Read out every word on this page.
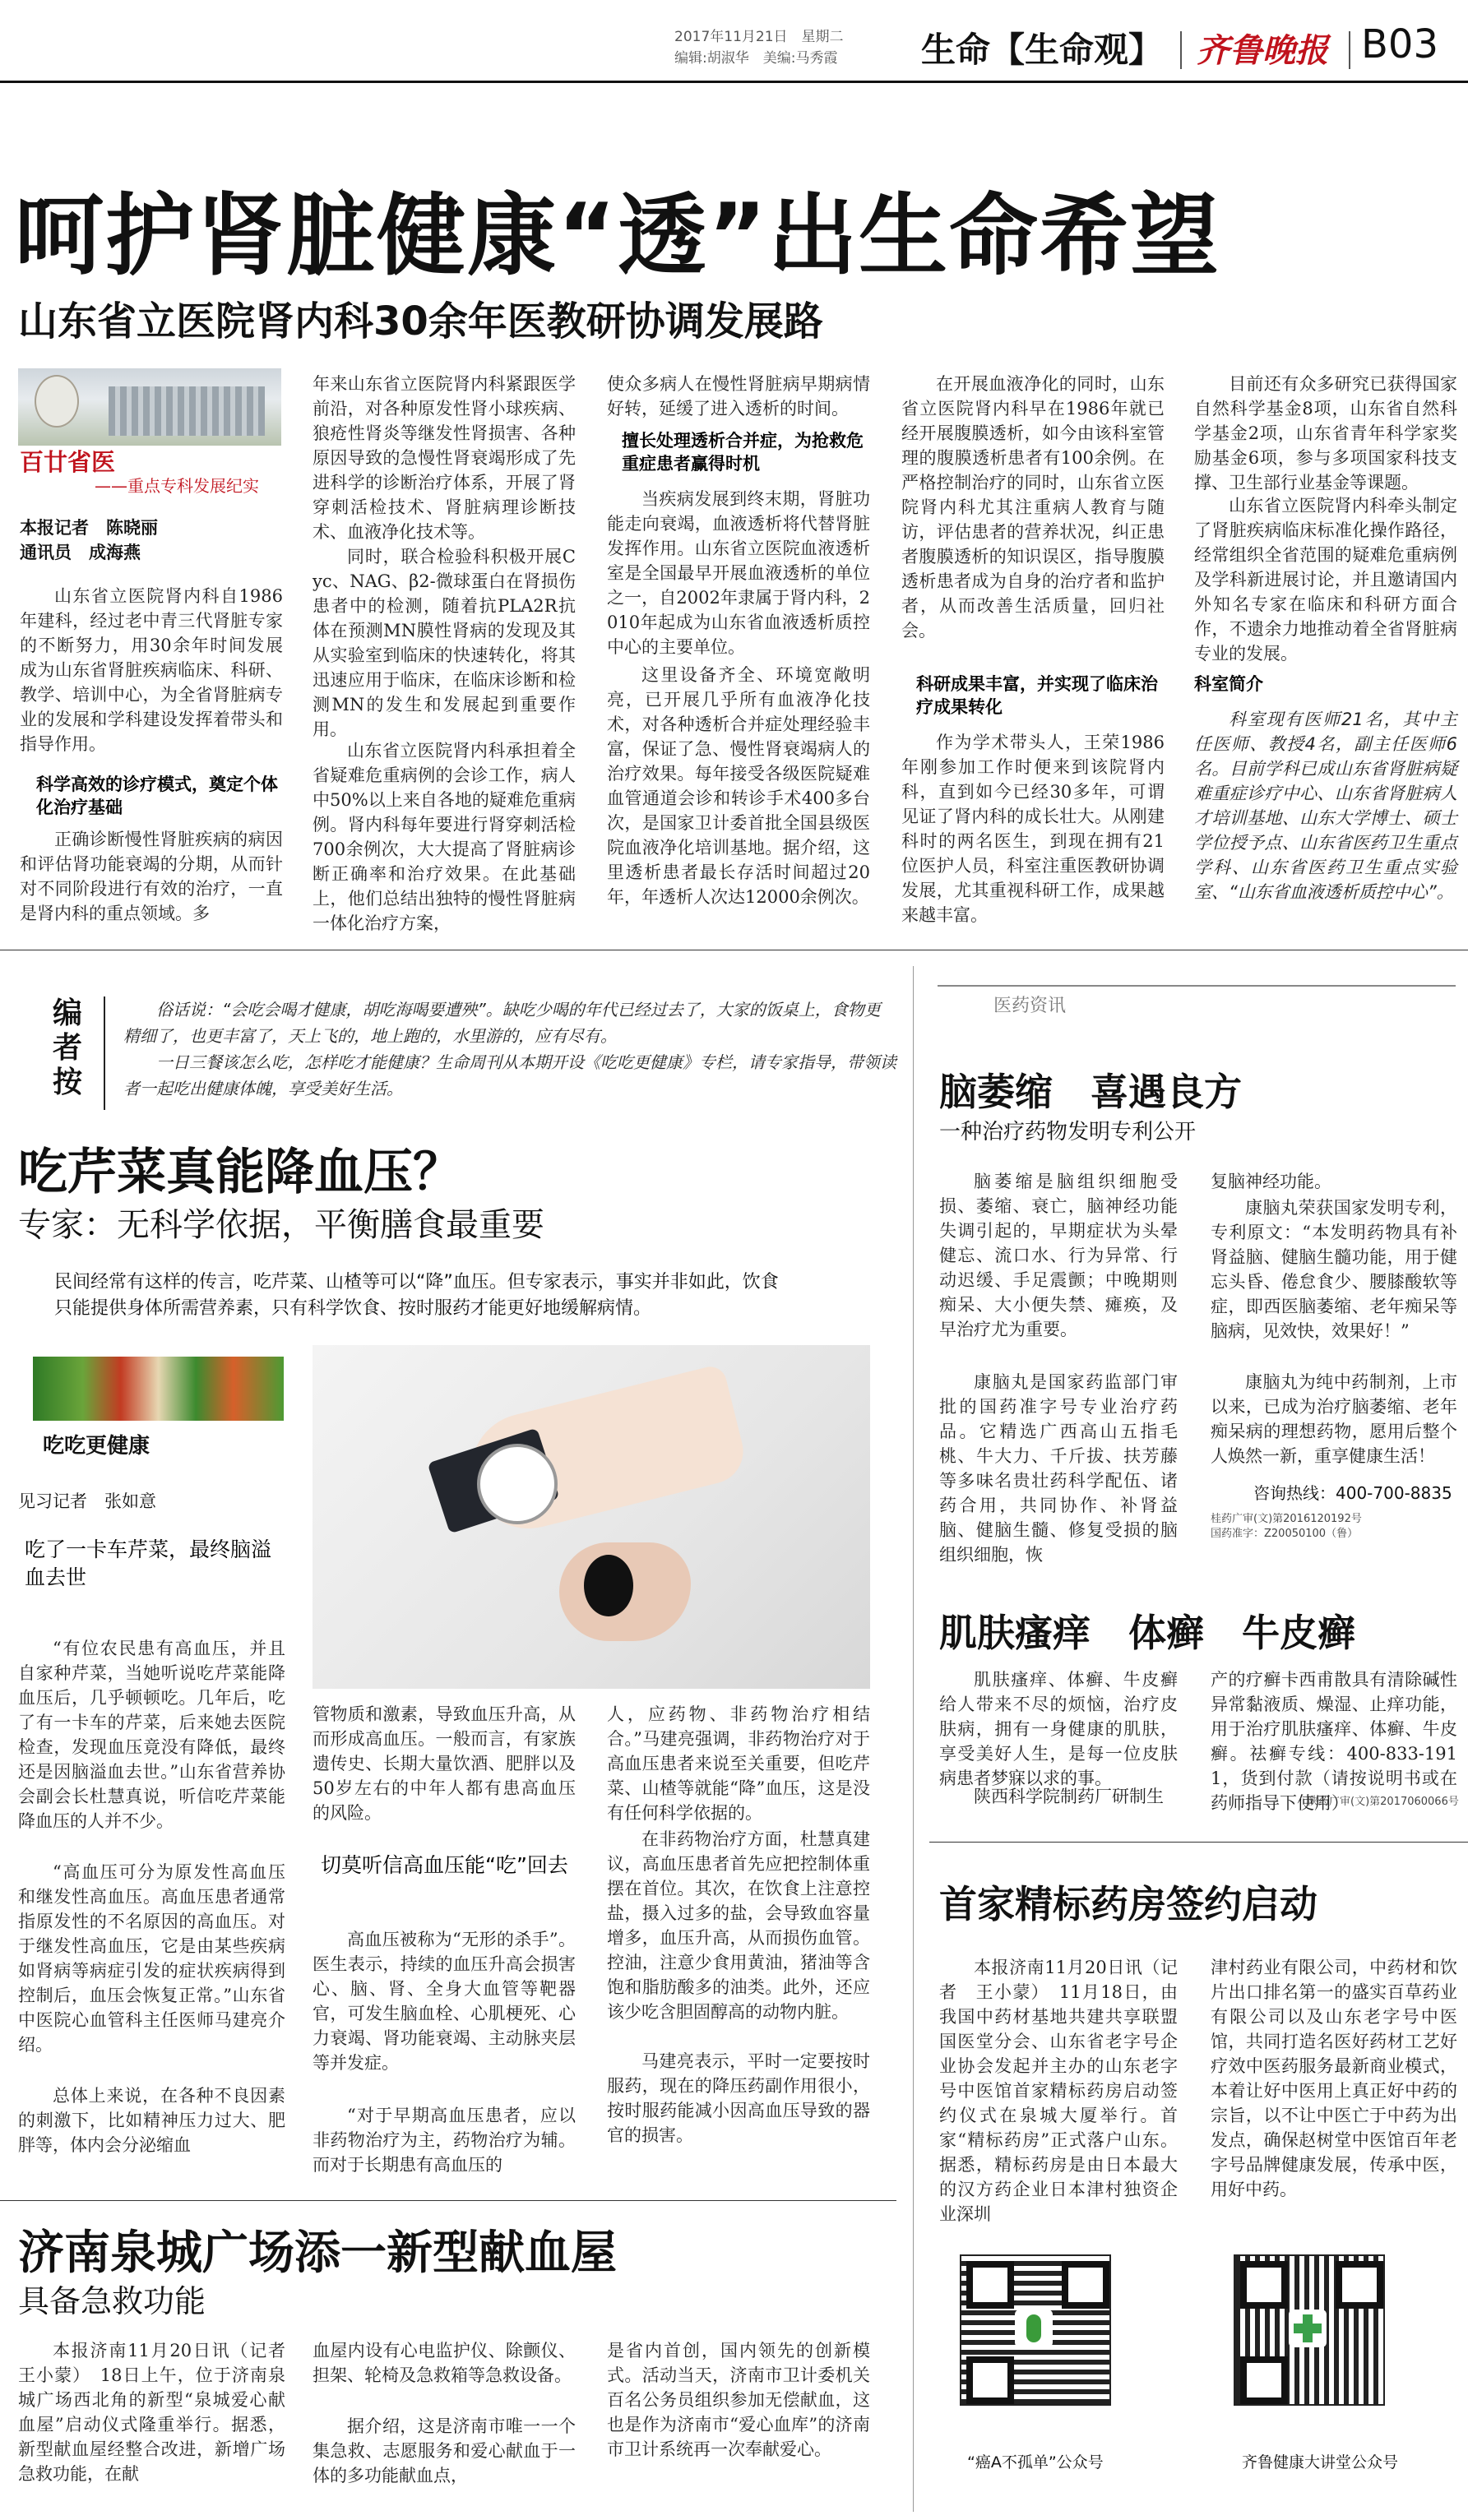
2017年11月21日　 星期二
编辑:胡淑华　 美编:马秀霞 生命【生命观】 齐鲁晚报 B03
呵护肾脏健康“透”出生命希望
山东省立医院肾内科30余年医教研协调发展路
百廿省医
——重点专科发展纪实
本报记者　陈晓丽
通讯员　成海燕

山东省立医院肾内科自1986年建科，经过老中青三代肾脏专家的不断努力，用30余年时间发展成为山东省肾脏疾病临床、科研、教学、培训中心，为全省肾脏病专业的发展和学科建设发挥着带头和指导作用。

科学高效的诊疗模式，奠定个体化治疗基础

正确诊断慢性肾脏疾病的病因和评估肾功能衰竭的分期，从而针对不同阶段进行有效的治疗，一直是肾内科的重点领域。多

年来山东省立医院肾内科紧跟医学前沿，对各种原发性肾小球疾病、狼疮性肾炎等继发性肾损害、各种原因导致的急慢性肾衰竭形成了先进科学的诊断治疗体系，开展了肾穿刺活检技术、肾脏病理诊断技术、血液净化技术等。

同时，联合检验科积极开展Cyc、NAG、β2-微球蛋白在肾损伤患者中的检测，随着抗PLA2R抗体在预测MN膜性肾病的发现及其从实验室到临床的快速转化，将其迅速应用于临床，在临床诊断和检测MN的发生和发展起到重要作用。

山东省立医院肾内科承担着全省疑难危重病例的会诊工作，病人中50%以上来自各地的疑难危重病例。肾内科每年要进行肾穿刺活检700余例次，大大提高了肾脏病诊断正确率和治疗效果。在此基础上，他们总结出独特的慢性肾脏病一体化治疗方案，

使众多病人在慢性肾脏病早期病情好转，延缓了进入透析的时间。

擅长处理透析合并症，为抢救危重症患者赢得时机

当疾病发展到终末期，肾脏功能走向衰竭，血液透析将代替肾脏发挥作用。山东省立医院血液透析室是全国最早开展血液透析的单位之一，自2002年隶属于肾内科，2010年起成为山东省血液透析质控中心的主要单位。

这里设备齐全、环境宽敞明亮，已开展几乎所有血液净化技术，对各种透析合并症处理经验丰富，保证了急、慢性肾衰竭病人的治疗效果。每年接受各级医院疑难血管通道会诊和转诊手术400多台次，是国家卫计委首批全国县级医院血液净化培训基地。据介绍，这里透析患者最长存活时间超过20年，年透析人次达12000余例次。

在开展血液净化的同时，山东省立医院肾内科早在1986年就已经开展腹膜透析，如今由该科室管理的腹膜透析患者有100余例。在严格控制治疗的同时，山东省立医院肾内科尤其注重病人教育与随访，评估患者的营养状况，纠正患者腹膜透析的知识误区，指导腹膜透析患者成为自身的治疗者和监护者，从而改善生活质量，回归社会。

科研成果丰富，并实现了临床治疗成果转化

作为学术带头人，王荣1986年刚参加工作时便来到该院肾内科，直到如今已经30多年，可谓见证了肾内科的成长壮大。从刚建科时的两名医生，到现在拥有21位医护人员，科室注重医教研协调发展，尤其重视科研工作，成果越来越丰富。

目前还有众多研究已获得国家自然科学基金8项，山东省自然科学基金2项，山东省青年科学家奖励基金6项，参与多项国家科技支撑、卫生部行业基金等课题。

山东省立医院肾内科牵头制定了肾脏疾病临床标准化操作路径，经常组织全省范围的疑难危重病例及学科新进展讨论，并且邀请国内外知名专家在临床和科研方面合作，不遗余力地推动着全省肾脏病专业的发展。

科室简介

科室现有医师21名，其中主任医师、教授4名，副主任医师6名。目前学科已成山东省肾脏病疑难重症诊疗中心、山东省肾脏病人才培训基地、山东大学博士、硕士学位授予点、山东省医药卫生重点学科、山东省医药卫生重点实验室、“山东省血液透析质控中心”。

编者按
俗话说：“会吃会喝才健康，胡吃海喝要遭殃”。缺吃少喝的年代已经过去了，大家的饭桌上，食物更精细了，也更丰富了，天上飞的，地上跑的，水里游的，应有尽有。
一日三餐该怎么吃，怎样吃才能健康？生命周刊从本期开设《吃吃更健康》专栏，请专家指导，带领读者一起吃出健康体魄，享受美好生活。
吃芹菜真能降血压？
专家：无科学依据，平衡膳食最重要
民间经常有这样的传言，吃芹菜、山楂等可以“降”血压。但专家表示，事实并非如此，饮食只能提供身体所需营养素，只有科学饮食、按时服药才能更好地缓解病情。
吃吃更健康
见习记者　张如意
吃了一卡车芹菜，最终脑溢血去世

“有位农民患有高血压，并且自家种芹菜，当她听说吃芹菜能降血压后，几乎顿顿吃。几年后，吃了有一卡车的芹菜，后来她去医院检查，发现血压竟没有降低，最终还是因脑溢血去世。”山东省营养协会副会长杜慧真说，听信吃芹菜能降血压的人并不少。

“高血压可分为原发性高血压和继发性高血压。高血压患者通常指原发性的不名原因的高血压。对于继发性高血压，它是由某些疾病如肾病等病症引发的症状疾病得到控制后，血压会恢复正常。”山东省中医院心血管科主任医师马建亮介绍。

总体上来说，在各种不良因素的刺激下，比如精神压力过大、肥胖等，体内会分泌缩血

管物质和激素，导致血压升高，从而形成高血压。一般而言，有家族遗传史、长期大量饮酒、肥胖以及50岁左右的中年人都有患高血压的风险。

切莫听信高血压能“吃”回去

高血压被称为“无形的杀手”。医生表示，持续的血压升高会损害心、脑、肾、全身大血管等靶器官，可发生脑血栓、心肌梗死、心力衰竭、肾功能衰竭、主动脉夹层等并发症。

“对于早期高血压患者，应以非药物治疗为主，药物治疗为辅。而对于长期患有高血压的

人，应药物、非药物治疗相结合。”马建亮强调，非药物治疗对于高血压患者来说至关重要，但吃芹菜、山楂等就能“降”血压，这是没有任何科学依据的。

在非药物治疗方面，杜慧真建议，高血压患者首先应把控制体重摆在首位。其次，在饮食上注意控盐，摄入过多的盐，会导致血容量增多，血压升高，从而损伤血管。控油，注意少食用黄油，猪油等含饱和脂肪酸多的油类。此外，还应该少吃含胆固醇高的动物内脏。

马建亮表示，平时一定要按时服药，现在的降压药副作用很小，按时服药能减小因高血压导致的器官的损害。

医药资讯
脑萎缩　喜遇良方
一种治疗药物发明专利公开

脑萎缩是脑组织细胞受损、萎缩、衰亡，脑神经功能失调引起的，早期症状为头晕健忘、流口水、行为异常、行动迟缓、手足震颤；中晚期则痴呆、大小便失禁、瘫痪，及早治疗尤为重要。

康脑丸是国家药监部门审批的国药准字号专业治疗药品。它精选广西高山五指毛桃、牛大力、千斤拔、扶芳藤等多味名贵壮药科学配伍、诸药合用，共同协作、补肾益脑、健脑生髓、修复受损的脑组织细胞，恢

复脑神经功能。

康脑丸荣获国家发明专利，专利原文：“本发明药物具有补肾益脑、健脑生髓功能，用于健忘头昏、倦怠食少、腰膝酸软等症，即西医脑萎缩、老年痴呆等脑病，见效快，效果好！”

康脑丸为纯中药制剂，上市以来，已成为治疗脑萎缩、老年痴呆病的理想药物，愿用后整个人焕然一新，重享健康生活！

咨询热线：400-700-8835
桂药广审(文)第2016120192号
国药准字：Z20050100（鲁）
肌肤瘙痒　体癣　牛皮癣

肌肤瘙痒、体癣、牛皮癣给人带来不尽的烦恼，治疗皮肤病，拥有一身健康的肌肤，享受美好人生，是每一位皮肤病患者梦寐以求的事。

陕西科学院制药厂研制生

产的疗癣卡西甫散具有清除碱性异常黏液质、燥湿、止痒功能，用于治疗肌肤瘙痒、体癣、牛皮癣。祛癣专线：400-833-1911，货到付款（请按说明书或在药师指导下使用）

陕药广审(文)第2017060066号
首家精标药房签约启动

本报济南11月20日讯（记者　王小蒙）　11月18日，由我国中药材基地共建共享联盟国医堂分会、山东省老字号企业协会发起并主办的山东老字号中医馆首家精标药房启动签约仪式在泉城大厦举行。首家“精标药房”正式落户山东。据悉，精标药房是由日本最大的汉方药企业日本津村独资企业深圳

津村药业有限公司，中药材和饮片出口排名第一的盛实百草药业有限公司以及山东老字号中医馆，共同打造名医好药材工艺好疗效中医药服务最新商业模式，本着让好中医用上真正好中药的宗旨，以不让中医亡于中药为出发点，确保赵树堂中医馆百年老字号品牌健康发展，传承中医，用好中药。

“癌A不孤单”公众号	齐鲁健康大讲堂公众号
济南泉城广场添一新型献血屋
具备急救功能

本报济南11月20日讯（记者　王小蒙）　18日上午，位于济南泉城广场西北角的新型“泉城爱心献血屋”启动仪式隆重举行。据悉，新型献血屋经整合改进，新增广场急救功能，在献

血屋内设有心电监护仪、除颤仪、担架、轮椅及急救箱等急救设备。

据介绍，这是济南市唯一一个集急救、志愿服务和爱心献血于一体的多功能献血点，

是省内首创，国内领先的创新模式。活动当天，济南市卫计委机关百名公务员组织参加无偿献血，这也是作为济南市“爱心血库”的济南市卫计系统再一次奉献爱心。
